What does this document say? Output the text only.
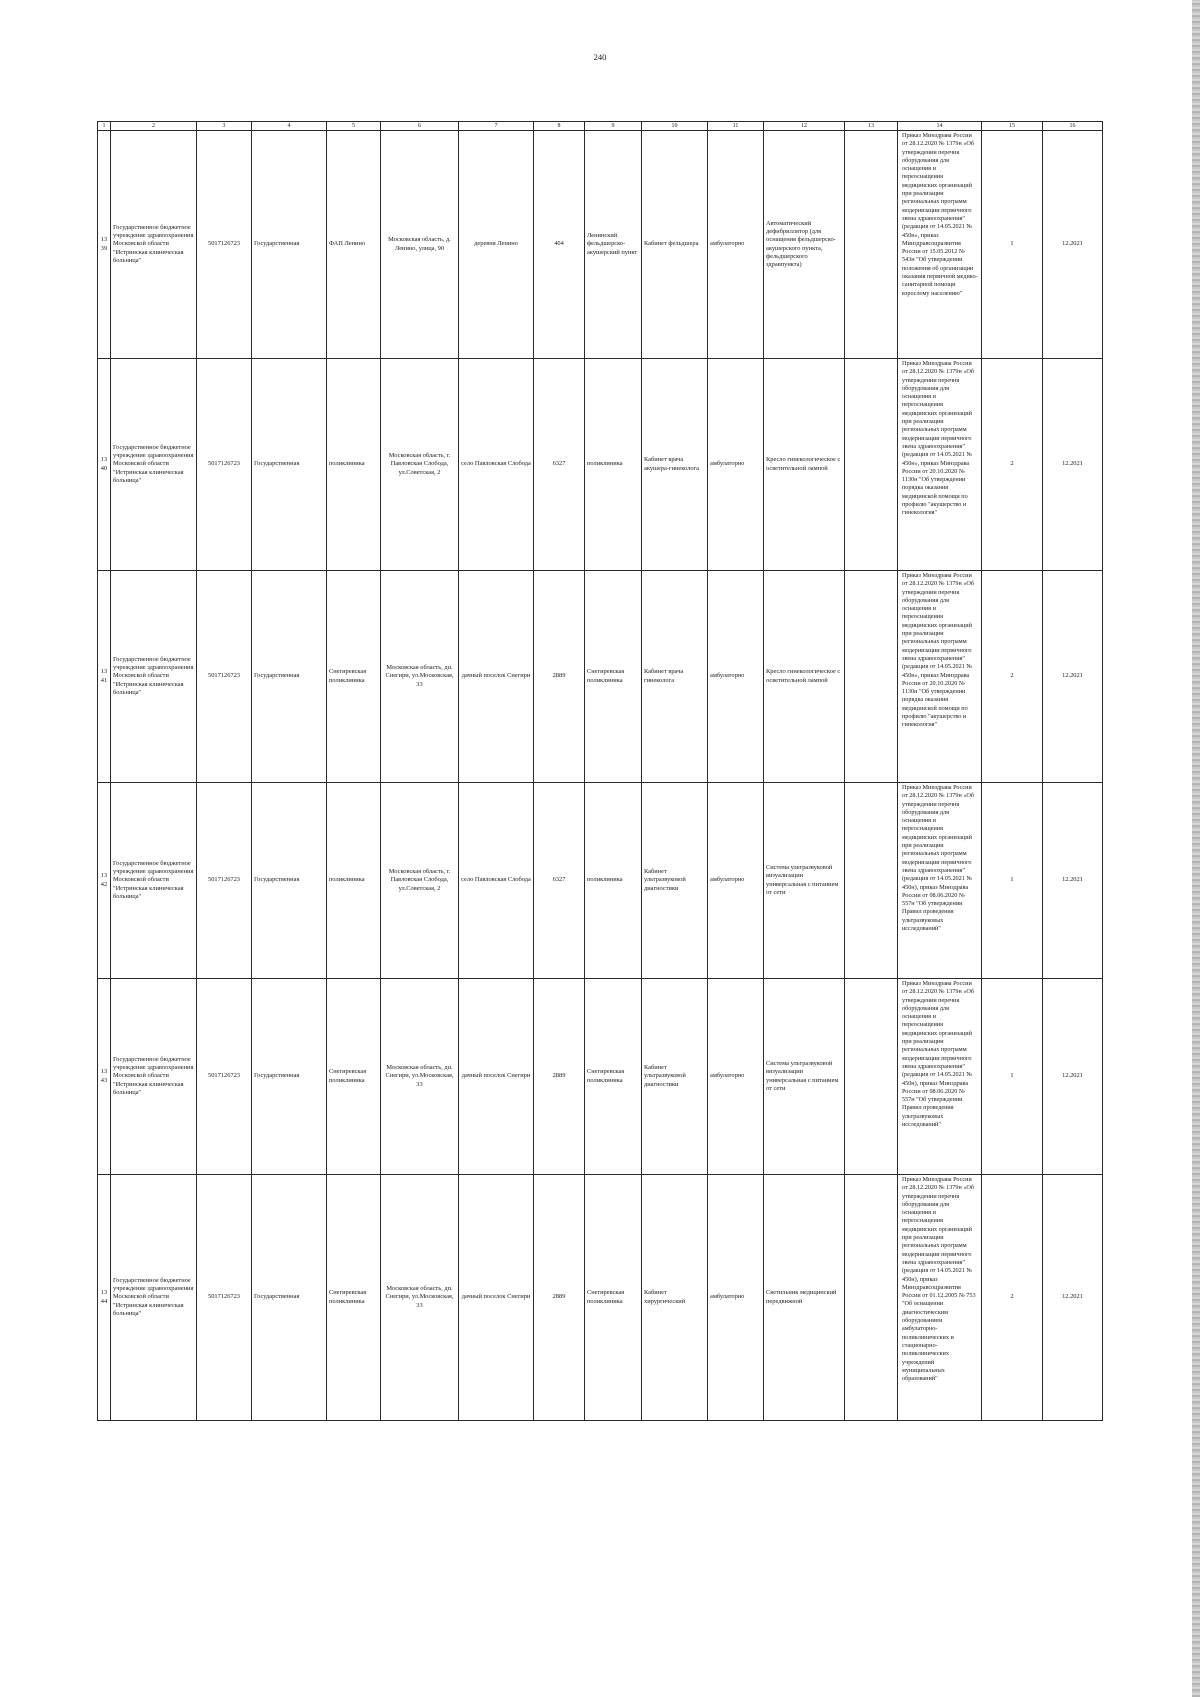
240
1	2	3	4	5	6	7	8	9	10	11	12	13	14	15	16
1339	Государственное бюджетное учреждение здравоохранения Московской области "Истринская клиническая больница"	5017126723	Государственная	ФАП Ленино	Московская область, д. Ленино, улица, 90	деревня Ленино	404	Ленинский фельдшерско-акушерский пункт	Кабинет фельдшера	амбулаторно	Автоматический дефибриллятор (для оснащения фельдшерско-акушерского пункта, фельдшерского здравпункта)		Приказ Минздрава России от 28.12.2020 № 1379н «Об утверждении перечня оборудования для оснащения и переоснащения медицинских организаций при реализации региональных программ модернизации первичного звена здравоохранения"(редакция от 14.05.2021 № 450н», приказ Минздравсоцразвития России от 15.05.2012 № 543н "Об утверждении положения об организации оказания первичной медико-санитарной помощи взрослому населению"	1	12.2021
1340	Государственное бюджетное учреждение здравоохранения Московской области "Истринская клиническая больница"	5017126723	Государственная	поликлиника	Московская область, г. Павловская Слобода, ул.Советская, 2	село Павловская Слобода	6327	поликлиника	Кабинет врача акушера-гинеколога	амбулаторно	Кресло гинекологическое с осветительной лампой		Приказ Минздрава России от 28.12.2020 № 1379н «Об утверждении перечня оборудования для оснащения и переоснащения медицинских организаций при реализации региональных программ модернизации первичного звена здравоохранения"(редакция от 14.05.2021 № 450н», приказ Минздрава России от 20.10.2020 № 1130н "Об утверждении порядка оказания медицинской помощи по профилю "акушерство и гинекология"	2	12.2021
1341	Государственное бюджетное учреждение здравоохранения Московской области "Истринская клиническая больница"	5017126723	Государственная	Снегиревская поликлиника	Московская область, дп. Снегири, ул.Московская, 33	дачный поселок Снегири	2889	Снегиревская поликлиника	Кабинет врача гинеколога	амбулаторно	Кресло гинекологическое с осветительной лампой		Приказ Минздрава России от 28.12.2020 № 1379н «Об утверждении перечня оборудования для оснащения и переоснащения медицинских организаций при реализации региональных программ модернизации первичного звена здравоохранения"(редакция от 14.05.2021 № 450н», приказ Минздрава России от 20.10.2020 № 1130н "Об утверждении порядка оказания медицинской помощи по профилю "акушерство и гинекология"	2	12.2021
1342	Государственное бюджетное учреждение здравоохранения Московской области "Истринская клиническая больница"	5017126723	Государственная	поликлиника	Московская область, г. Павловская Слобода, ул.Советская, 2	село Павловская Слобода	6327	поликлиника	Кабинет ультразвуковой диагностики	амбулаторно	Система ультразвуковой визуализации универсальная с питанием от сети		Приказ Минздрава России от 28.12.2020 № 1379н «Об утверждении перечня оборудования для оснащения и переоснащения медицинских организаций при реализации региональных программ модернизации первичного звена здравоохранения"(редакция от 14.05.2021 № 450н), приказ Минздрава России от 08.06.2020 № 557н "Об утверждении Правил проведения ультразвуковых исследований"	1	12.2021
1343	Государственное бюджетное учреждение здравоохранения Московской области "Истринская клиническая больница"	5017126723	Государственная	Снегиревская поликлиника	Московская область, дп. Снегири, ул.Московская, 33	дачный поселок Снегири	2889	Снегиревская поликлиника	Кабинет ультразвуковой диагностики	амбулаторно	Система ультразвуковой визуализации универсальная с питанием от сети		Приказ Минздрава России от 28.12.2020 № 1379н «Об утверждении перечня оборудования для оснащения и переоснащения медицинских организаций при реализации региональных программ модернизации первичного звена здравоохранения"(редакция от 14.05.2021 № 450н), приказ Минздрава России от 08.06.2020 № 557н "Об утверждении Правил проведения ультразвуковых исследований"	1	12.2021
1344	Государственное бюджетное учреждение здравоохранения Московской области "Истринская клиническая больница"	5017126723	Государственная	Снегиревская поликлиника	Московская область, дп. Снегири, ул.Московская, 33	дачный поселок Снегири	2889	Снегиревская поликлиника	Кабинет хирургический	амбулаторно	Светильник медицинский передвижной		Приказ Минздрава России от 28.12.2020 № 1379н «Об утверждении перечня оборудования для оснащения и переоснащения медицинских организаций при реализации региональных программ модернизации первичного звена здравоохранения"(редакция от 14.05.2021 № 450н), приказ Минздравсоцразвития России от 01.12.2005 № 753 "Об оснащении диагностическим оборудованием амбулаторно-поликлинических и стационарно-поликлинических учреждений муниципальных образований"	2	12.2021
